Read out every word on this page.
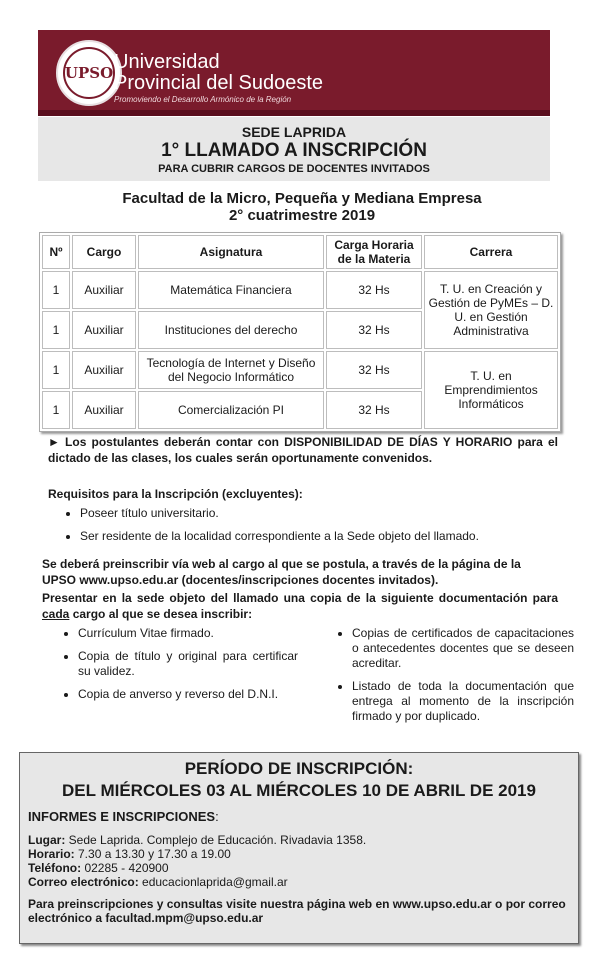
UPSO Universidad
Provincial del Sudoeste
Promoviendo el Desarrollo Armónico de la Región
SEDE LAPRIDA
1° LLAMADO A INSCRIPCIÓN
PARA CUBRIR CARGOS DE DOCENTES INVITADOS
Facultad de la Micro, Pequeña y Mediana Empresa
2° cuatrimestre 2019
Nº	Cargo	Asignatura	Carga Horaria de la Materia	Carrera
1	Auxiliar	Matemática Financiera	32 Hs	T. U. en Creación y Gestión de PyMEs – D. U. en Gestión Administrativa
1	Auxiliar	Instituciones del derecho	32 Hs	
1	Auxiliar	Tecnología de Internet y Diseño del Negocio Informático	32 Hs	T. U. en Emprendimientos Informáticos
1	Auxiliar	Comercialización PI	32 Hs	
► Los postulantes deberán contar con DISPONIBILIDAD DE DÍAS Y HORARIO para el dictado de las clases, los cuales serán oportunamente convenidos.
Requisitos para la Inscripción (excluyentes):
• Poseer título universitario.
• Ser residente de la localidad correspondiente a la Sede objeto del llamado.
Se deberá preinscribir vía web al cargo al que se postula, a través de la página de la UPSO www.upso.edu.ar (docentes/inscripciones docentes invitados).
Presentar en la sede objeto del llamado una copia de la siguiente documentación para cada cargo al que se desea inscribir:
• Currículum Vitae firmado.
• Copia de título y original para certificar su validez.
• Copia de anverso y reverso del D.N.I.
• Copias de certificados de capacitaciones o antecedentes docentes que se deseen acreditar.
• Listado de toda la documentación que entrega al momento de la inscripción firmado y por duplicado.
PERÍODO DE INSCRIPCIÓN:
DEL MIÉRCOLES 03 AL MIÉRCOLES 10 DE ABRIL DE 2019
INFORMES E INSCRIPCIONES:
Lugar: Sede Laprida. Complejo de Educación. Rivadavia 1358.
Horario: 7.30 a 13.30 y 17.30 a 19.00
Teléfono: 02285 - 420900
Correo electrónico: educacionlaprida@gmail.ar
Para preinscripciones y consultas visite nuestra página web en www.upso.edu.ar o por correo electrónico a facultad.mpm@upso.edu.ar
